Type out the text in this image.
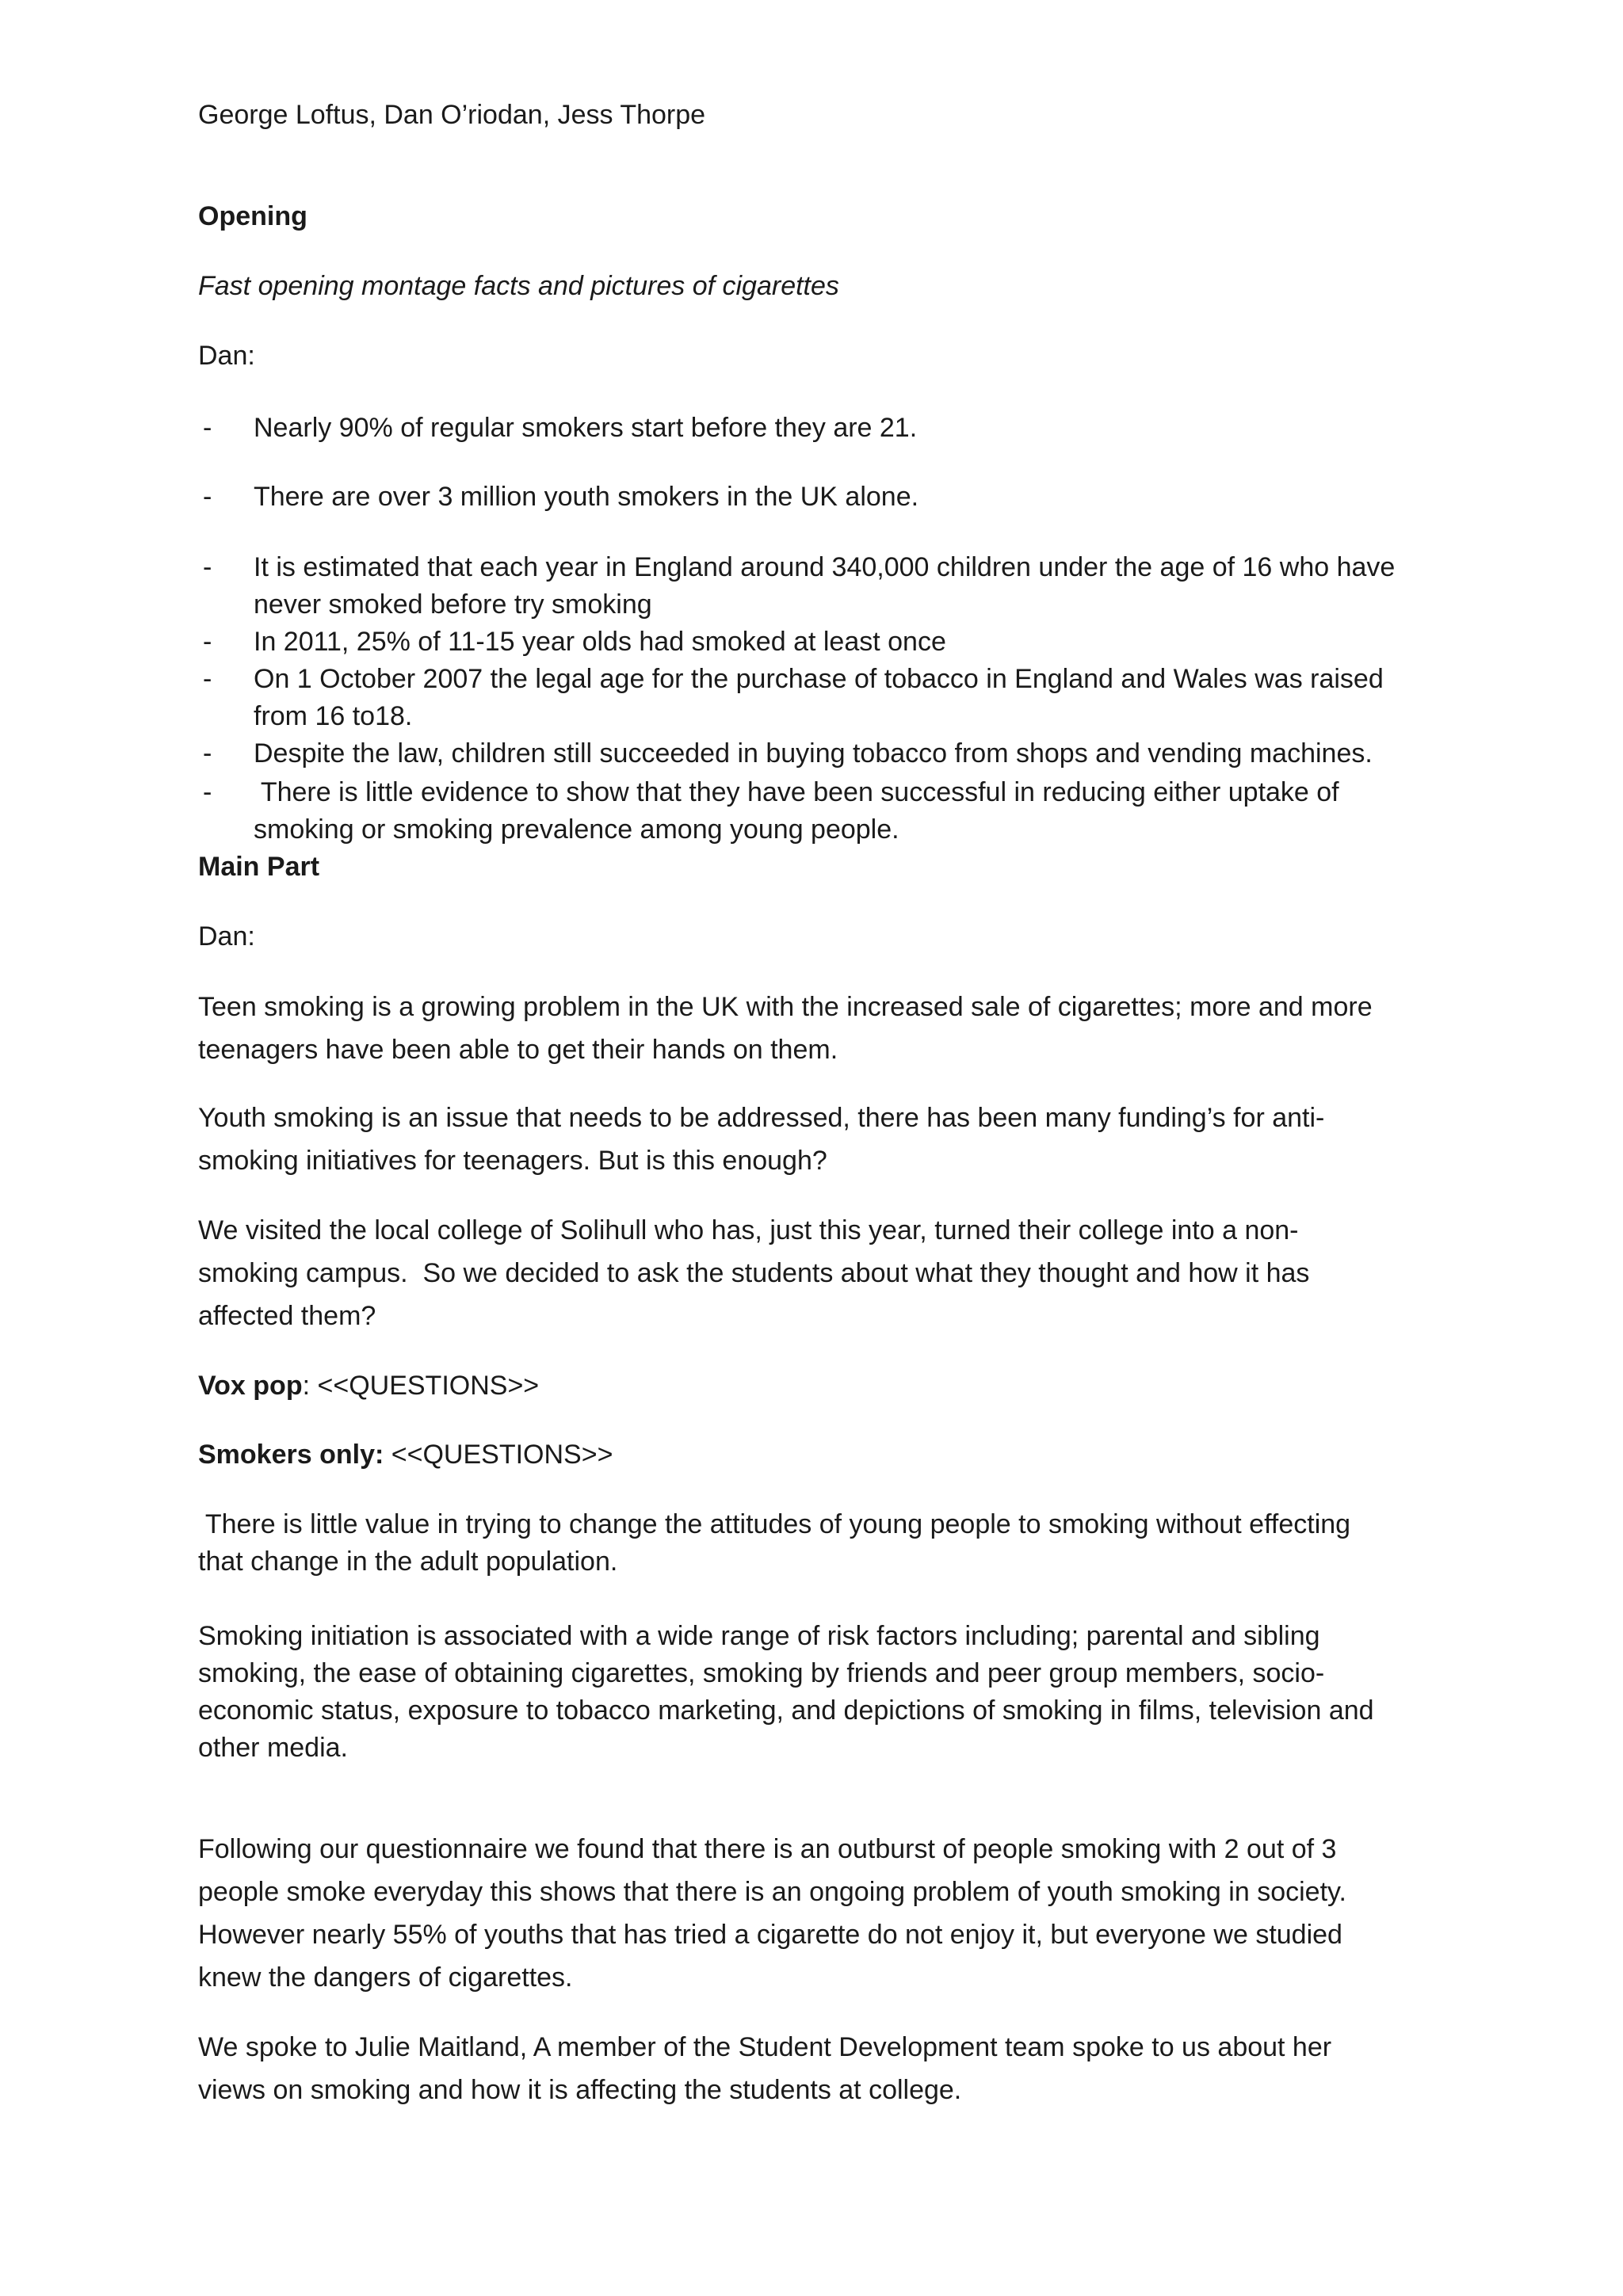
George Loftus, Dan O’riodan, Jess Thorpe
Opening
Fast opening montage facts and pictures of cigarettes
Dan:
- Nearly 90% of regular smokers start before they are 21.
- There are over 3 million youth smokers in the UK alone.
- It is estimated that each year in England around 340,000 children under the age of 16 who have
never smoked before try smoking
- In 2011, 25% of 11-15 year olds had smoked at least once
- On 1 October 2007 the legal age for the purchase of tobacco in England and Wales was raised
from 16 to18.
- Despite the law, children still succeeded in buying tobacco from shops and vending machines.
- There is little evidence to show that they have been successful in reducing either uptake of
smoking or smoking prevalence among young people.
Main Part
Dan:
Teen smoking is a growing problem in the UK with the increased sale of cigarettes; more and more
teenagers have been able to get their hands on them.
Youth smoking is an issue that needs to be addressed, there has been many funding’s for anti-
smoking initiatives for teenagers. But is this enough?
We visited the local college of Solihull who has, just this year, turned their college into a non-
smoking campus.  So we decided to ask the students about what they thought and how it has
affected them?
Vox pop: <<QUESTIONS>>
Smokers only: <<QUESTIONS>>
There is little value in trying to change the attitudes of young people to smoking without effecting
that change in the adult population.
Smoking initiation is associated with a wide range of risk factors including; parental and sibling
smoking, the ease of obtaining cigarettes, smoking by friends and peer group members, socio-
economic status, exposure to tobacco marketing, and depictions of smoking in films, television and
other media.
Following our questionnaire we found that there is an outburst of people smoking with 2 out of 3
people smoke everyday this shows that there is an ongoing problem of youth smoking in society.
However nearly 55% of youths that has tried a cigarette do not enjoy it, but everyone we studied
knew the dangers of cigarettes.
We spoke to Julie Maitland, A member of the Student Development team spoke to us about her
views on smoking and how it is affecting the students at college.
